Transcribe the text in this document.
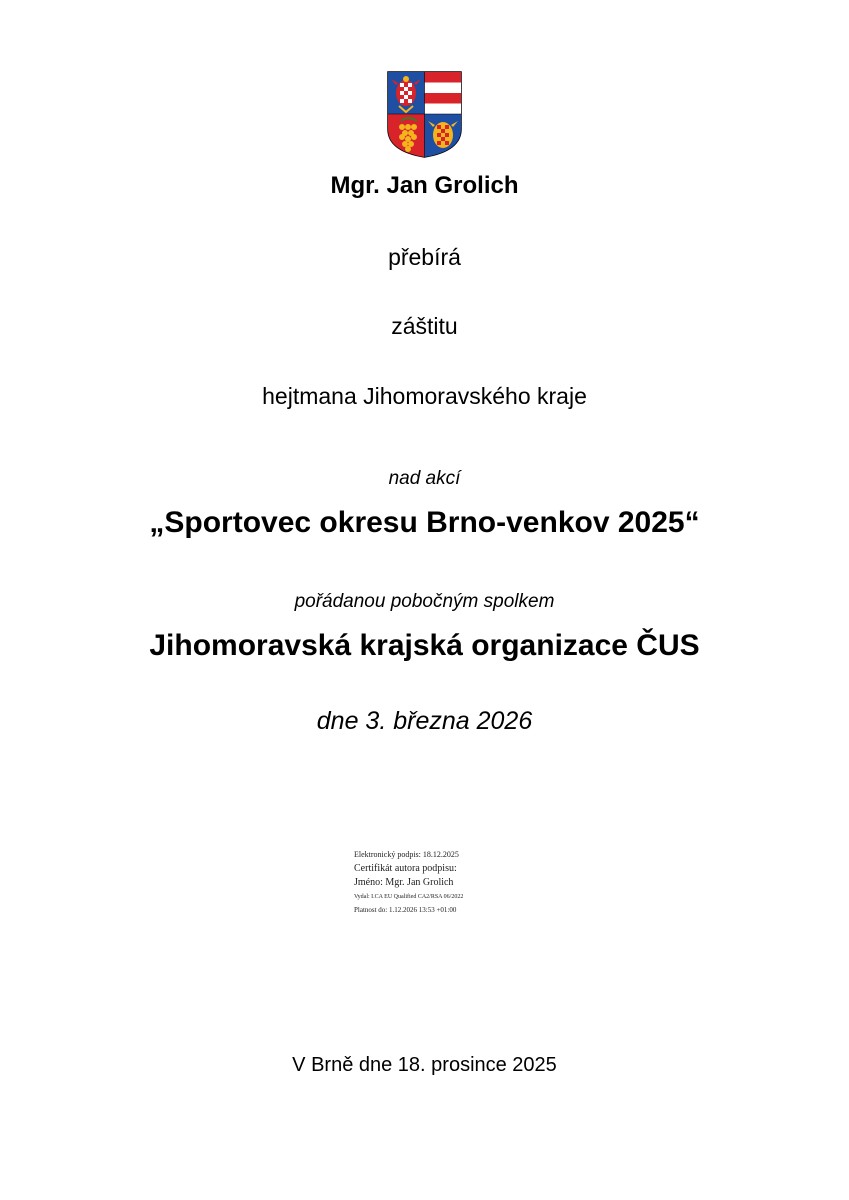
Mgr. Jan Grolich
přebírá
záštitu
hejtmana Jihomoravského kraje
nad akcí
„Sportovec okresu Brno-venkov 2025“
pořádanou pobočným spolkem
Jihomoravská krajská organizace ČUS
dne 3. března 2026
Elektronický podpis: 18.12.2025
Certifikát autora podpisu:
Jméno: Mgr. Jan Grolich
Vydal: I.CA EU Qualified CA2/RSA 06/2022
Platnost do: 1.12.2026 13:53 +01:00
V Brně dne 18. prosince 2025
